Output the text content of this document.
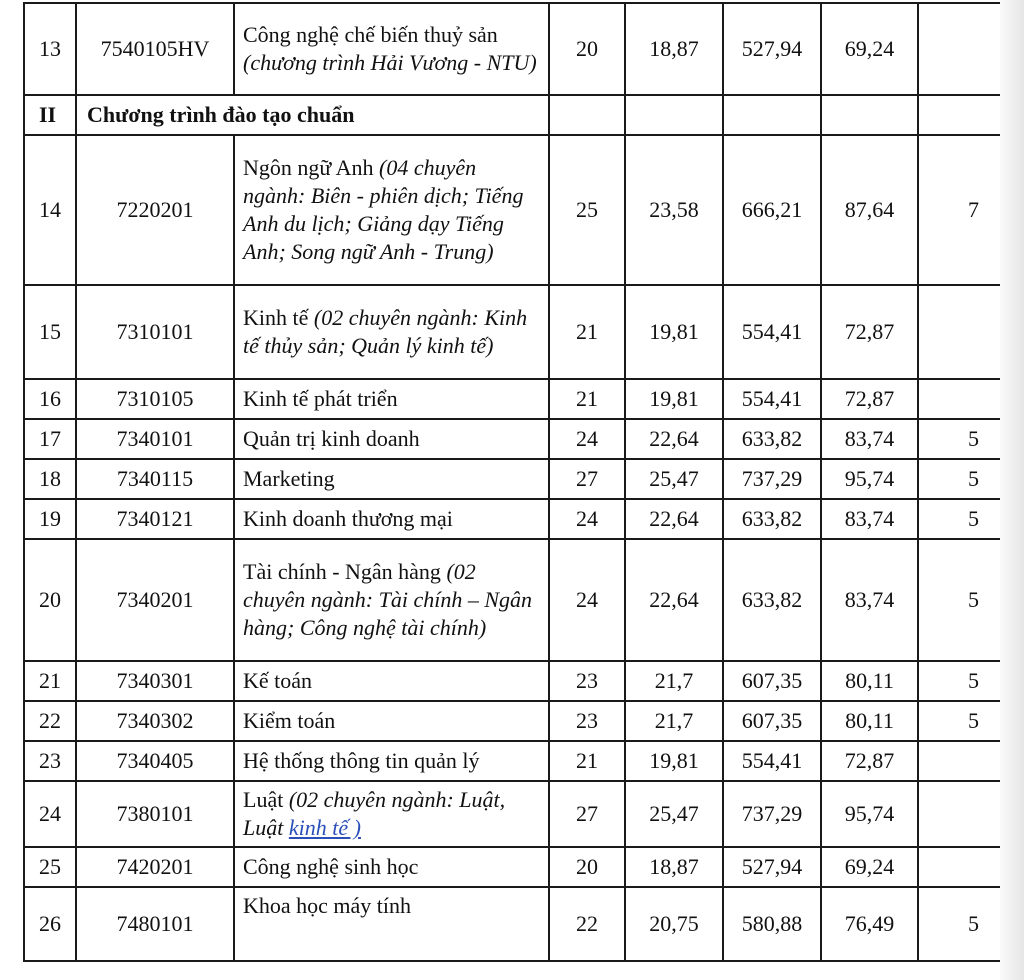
13	7540105HV	Công nghệ chế biến thuỷ sản (chương trình Hải Vương - NTU)	20	18,87	527,94	69,24	
II	Chương trình đào tạo chuẩn						
14	7220201	Ngôn ngữ Anh (04 chuyên ngành: Biên - phiên dịch; Tiếng Anh du lịch; Giảng dạy Tiếng Anh; Song ngữ Anh - Trung)	25	23,58	666,21	87,64	7
15	7310101	Kinh tế (02 chuyên ngành: Kinh tế thủy sản; Quản lý kinh tế)	21	19,81	554,41	72,87	
16	7310105	Kinh tế phát triển	21	19,81	554,41	72,87	
17	7340101	Quản trị kinh doanh	24	22,64	633,82	83,74	5
18	7340115	Marketing	27	25,47	737,29	95,74	5
19	7340121	Kinh doanh thương mại	24	22,64	633,82	83,74	5
20	7340201	Tài chính - Ngân hàng (02 chuyên ngành: Tài chính – Ngân hàng; Công nghệ tài chính)	24	22,64	633,82	83,74	5
21	7340301	Kế toán	23	21,7	607,35	80,11	5
22	7340302	Kiểm toán	23	21,7	607,35	80,11	5
23	7340405	Hệ thống thông tin quản lý	21	19,81	554,41	72,87	
24	7380101	Luật (02 chuyên ngành: Luật, Luật kinh tế )	27	25,47	737,29	95,74	
25	7420201	Công nghệ sinh học	20	18,87	527,94	69,24	
26	7480101	Khoa học máy tính	22	20,75	580,88	76,49	5
